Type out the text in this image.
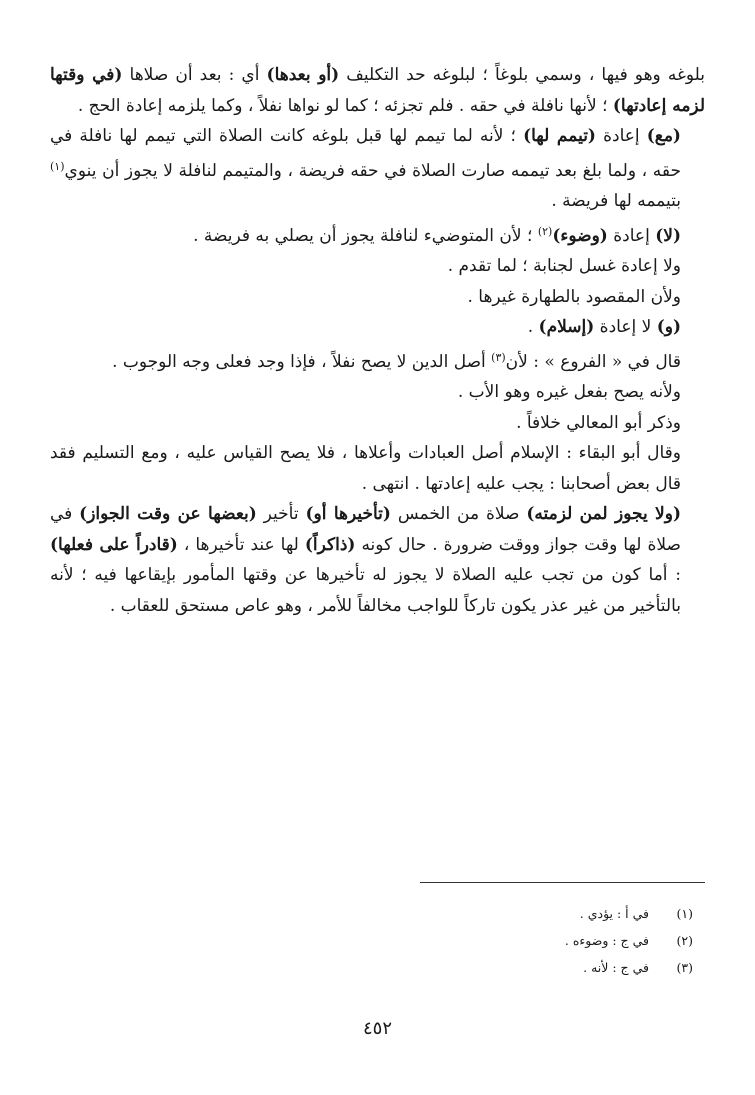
بلوغه وهو فيها ، وسمي بلوغاً ؛ لبلوغه حد التكليف (أو بعدها) أي : بعد أن صلاها (في وقتها لزمه إعادتها) ؛ لأنها نافلة في حقه . فلم تجزئه ؛ كما لو نواها نفلاً ، وكما يلزمه إعادة الحج .

(مع) إعادة (تيمم لها) ؛ لأنه لما تيمم لها قبل بلوغه كانت الصلاة التي تيمم لها نافلة في حقه ، ولما بلغ بعد تيممه صارت الصلاة في حقه فريضة ، والمتيمم لنافلة لا يجوز أن ينوي$^{(١)}$ بتيممه لها فريضة .

(لا) إعادة (وضوء)$^{(٢)}$ ؛ لأن المتوضيء لنافلة يجوز أن يصلي به فريضة .

ولا إعادة غسل لجنابة ؛ لما تقدم .

ولأن المقصود بالطهارة غيرها .

(و) لا إعادة (إسلام) .

قال في « الفروع » : لأن$^{(٣)}$ أصل الدين لا يصح نفلاً ، فإذا وجد فعلى وجه الوجوب .

ولأنه يصح بفعل غيره وهو الأب .

وذكر أبو المعالي خلافاً .

وقال أبو البقاء : الإسلام أصل العبادات وأعلاها ، فلا يصح القياس عليه ، ومع التسليم فقد قال بعض أصحابنا : يجب عليه إعادتها . انتهى .

(ولا يجوز لمن لزمته) صلاة من الخمس (تأخيرها أو) تأخير (بعضها عن وقت الجواز) في صلاة لها وقت جواز ووقت ضرورة . حال كونه (ذاكراً) لها عند تأخيرها ، (قادراً على فعلها) : أما كون من تجب عليه الصلاة لا يجوز له تأخيرها عن وقتها المأمور بإيقاعها فيه ؛ لأنه بالتأخير من غير عذر يكون تاركاً للواجب مخالفاً للأمر ، وهو عاص مستحق للعقاب .

(١)
في أ : يؤدي .
(٢)
في ج : وضوءه .
(٣)
في ج : لأنه .
٤٥٢
